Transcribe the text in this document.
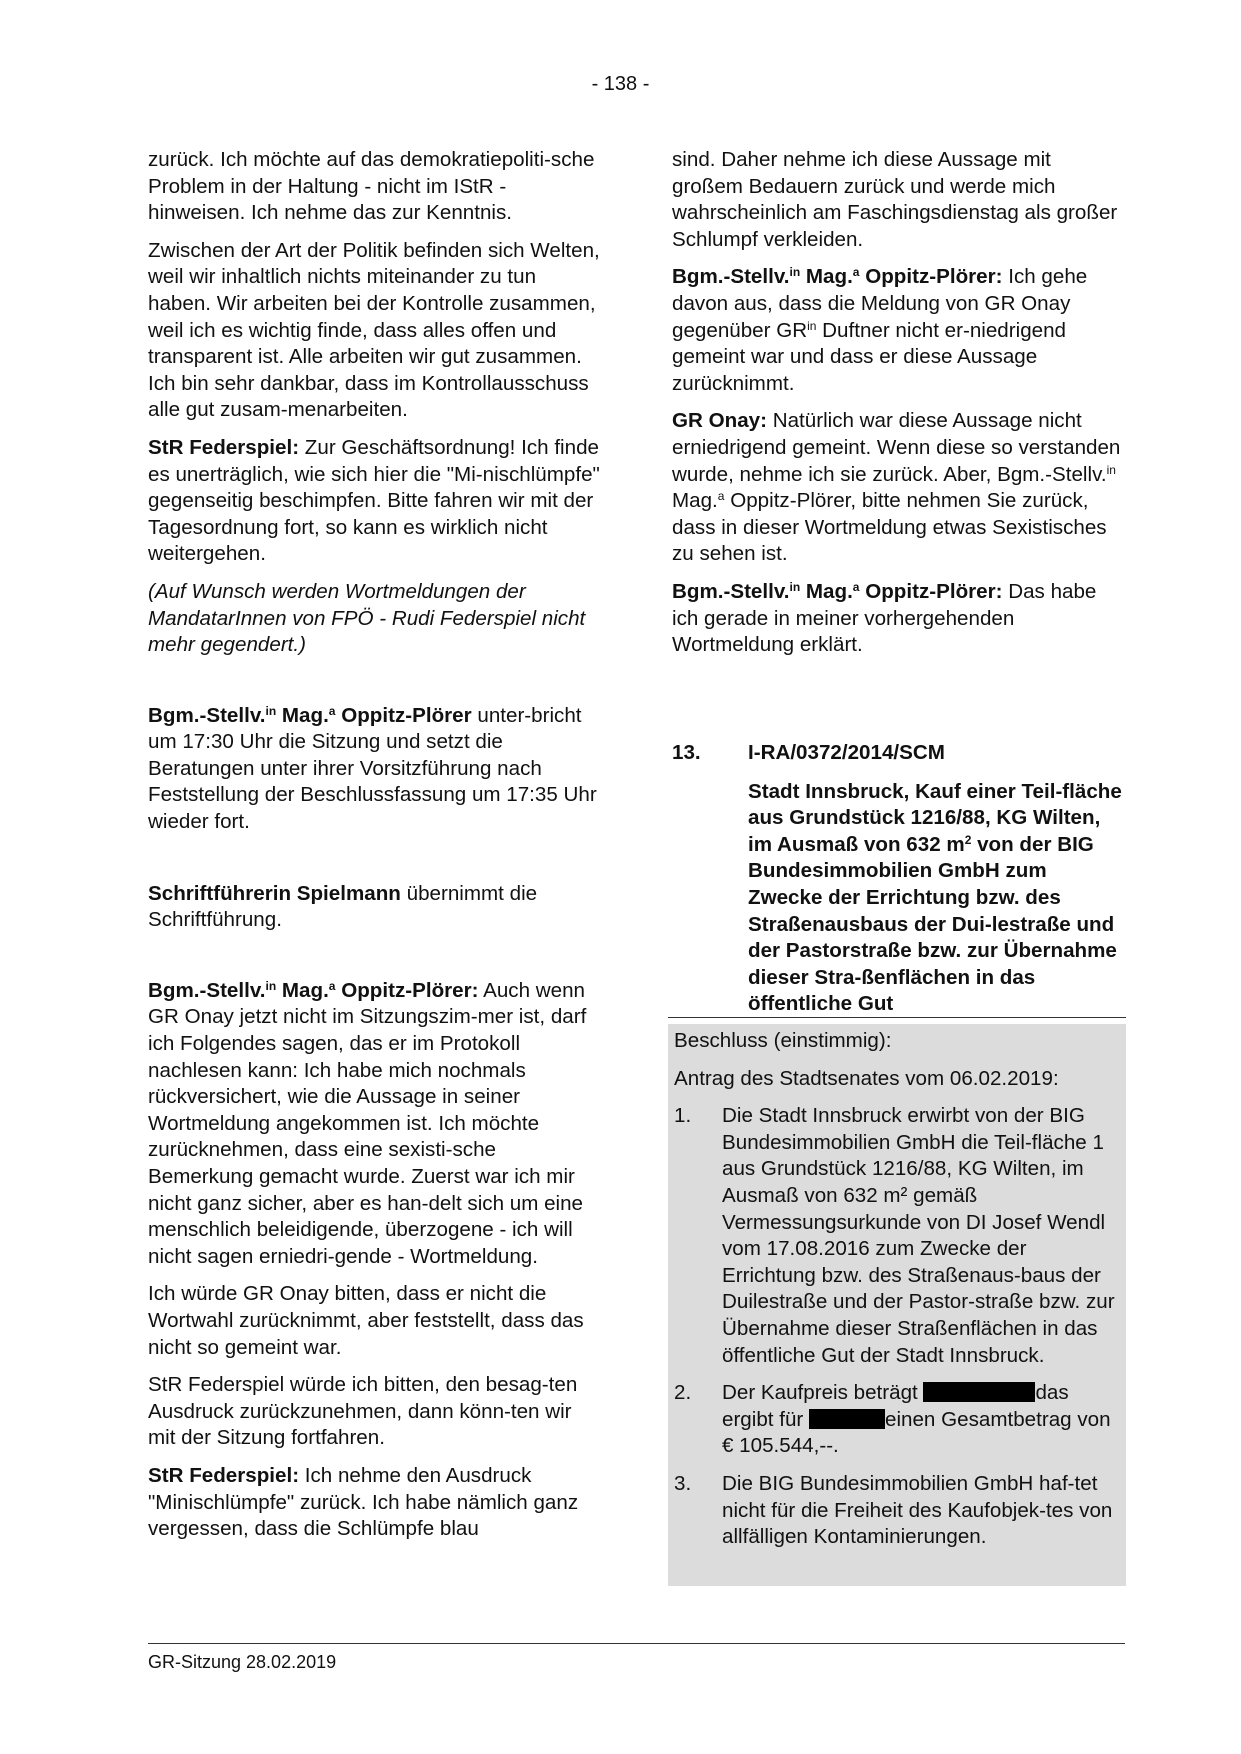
- 138 -

zurück. Ich möchte auf das demokratiepoliti-sche Problem in der Haltung - nicht im IStR - hinweisen. Ich nehme das zur Kenntnis.

Zwischen der Art der Politik befinden sich Welten, weil wir inhaltlich nichts miteinander zu tun haben. Wir arbeiten bei der Kontrolle zusammen, weil ich es wichtig finde, dass alles offen und transparent ist. Alle arbeiten wir gut zusammen. Ich bin sehr dankbar, dass im Kontrollausschuss alle gut zusam-menarbeiten.

StR Federspiel: Zur Geschäftsordnung! Ich finde es unerträglich, wie sich hier die "Mi-nischlümpfe" gegenseitig beschimpfen. Bitte fahren wir mit der Tagesordnung fort, so kann es wirklich nicht weitergehen.

(Auf Wunsch werden Wortmeldungen der MandatarInnen von FPÖ - Rudi Federspiel nicht mehr gegendert.)

Bgm.-Stellv.$^{in}$ Mag.$^a$ Oppitz-Plörer unter-bricht um 17:30 Uhr die Sitzung und setzt die Beratungen unter ihrer Vorsitzführung nach Feststellung der Beschlussfassung um 17:35 Uhr wieder fort.

Schriftführerin Spielmann übernimmt die Schriftführung.

Bgm.-Stellv.$^{in}$ Mag.$^a$ Oppitz-Plörer: Auch wenn GR Onay jetzt nicht im Sitzungszim-mer ist, darf ich Folgendes sagen, das er im Protokoll nachlesen kann: Ich habe mich nochmals rückversichert, wie die Aussage in seiner Wortmeldung angekommen ist. Ich möchte zurücknehmen, dass eine sexisti-sche Bemerkung gemacht wurde. Zuerst war ich mir nicht ganz sicher, aber es han-delt sich um eine menschlich beleidigende, überzogene - ich will nicht sagen erniedri-gende - Wortmeldung.

Ich würde GR Onay bitten, dass er nicht die Wortwahl zurücknimmt, aber feststellt, dass das nicht so gemeint war.

StR Federspiel würde ich bitten, den besag-ten Ausdruck zurückzunehmen, dann könn-ten wir mit der Sitzung fortfahren.

StR Federspiel: Ich nehme den Ausdruck "Minischlümpfe" zurück. Ich habe nämlich ganz vergessen, dass die Schlümpfe blau

sind. Daher nehme ich diese Aussage mit großem Bedauern zurück und werde mich wahrscheinlich am Faschingsdienstag als großer Schlumpf verkleiden.

Bgm.-Stellv.$^{in}$ Mag.$^a$ Oppitz-Plörer: Ich gehe davon aus, dass die Meldung von GR Onay gegenüber $GR^{in}$ Duftner nicht er-niedrigend gemeint war und dass er diese Aussage zurücknimmt.

GR Onay: Natürlich war diese Aussage nicht erniedrigend gemeint. Wenn diese so verstanden wurde, nehme ich sie zurück. Aber, Bgm.-Stellv.$^{in}$ Mag.$^a$ Oppitz-Plörer, bitte nehmen Sie zurück, dass in dieser Wortmeldung etwas Sexistisches zu sehen ist.

Bgm.-Stellv.$^{in}$ Mag.$^a$ Oppitz-Plörer: Das habe ich gerade in meiner vorhergehenden Wortmeldung erklärt.

13.	I-RA/0372/2014/SCM
Stadt Innsbruck, Kauf einer Teil-fläche aus Grundstück 1216/88, KG Wilten, im Ausmaß von 632 $m^2$ von der BIG Bundesimmobilien GmbH zum Zwecke der Errichtung bzw. des Straßenausbaus der Dui-lestraße und der Pastorstraße bzw. zur Übernahme dieser Stra-ßenflächen in das öffentliche Gut

Beschluss (einstimmig):

Antrag des Stadtsenates vom 06.02.2019:

1.	Die Stadt Innsbruck erwirbt von der BIG Bundesimmobilien GmbH die Teil-fläche 1 aus Grundstück 1216/88, KG Wilten, im Ausmaß von 632 m² gemäß Vermessungsurkunde von DI Josef Wendl vom 17.08.2016 zum Zwecke der Errichtung bzw. des Straßenaus-baus der Duilestraße und der Pastor-straße bzw. zur Übernahme dieser Straßenflächen in das öffentliche Gut der Stadt Innsbruck.
2.	Der Kaufpreis beträgt	das ergibt für	einen Gesamtbetrag von € 105.544,--.
3.	Die BIG Bundesimmobilien GmbH haf-tet nicht für die Freiheit des Kaufobjek-tes von allfälligen Kontaminierungen.
GR-Sitzung 28.02.2019
